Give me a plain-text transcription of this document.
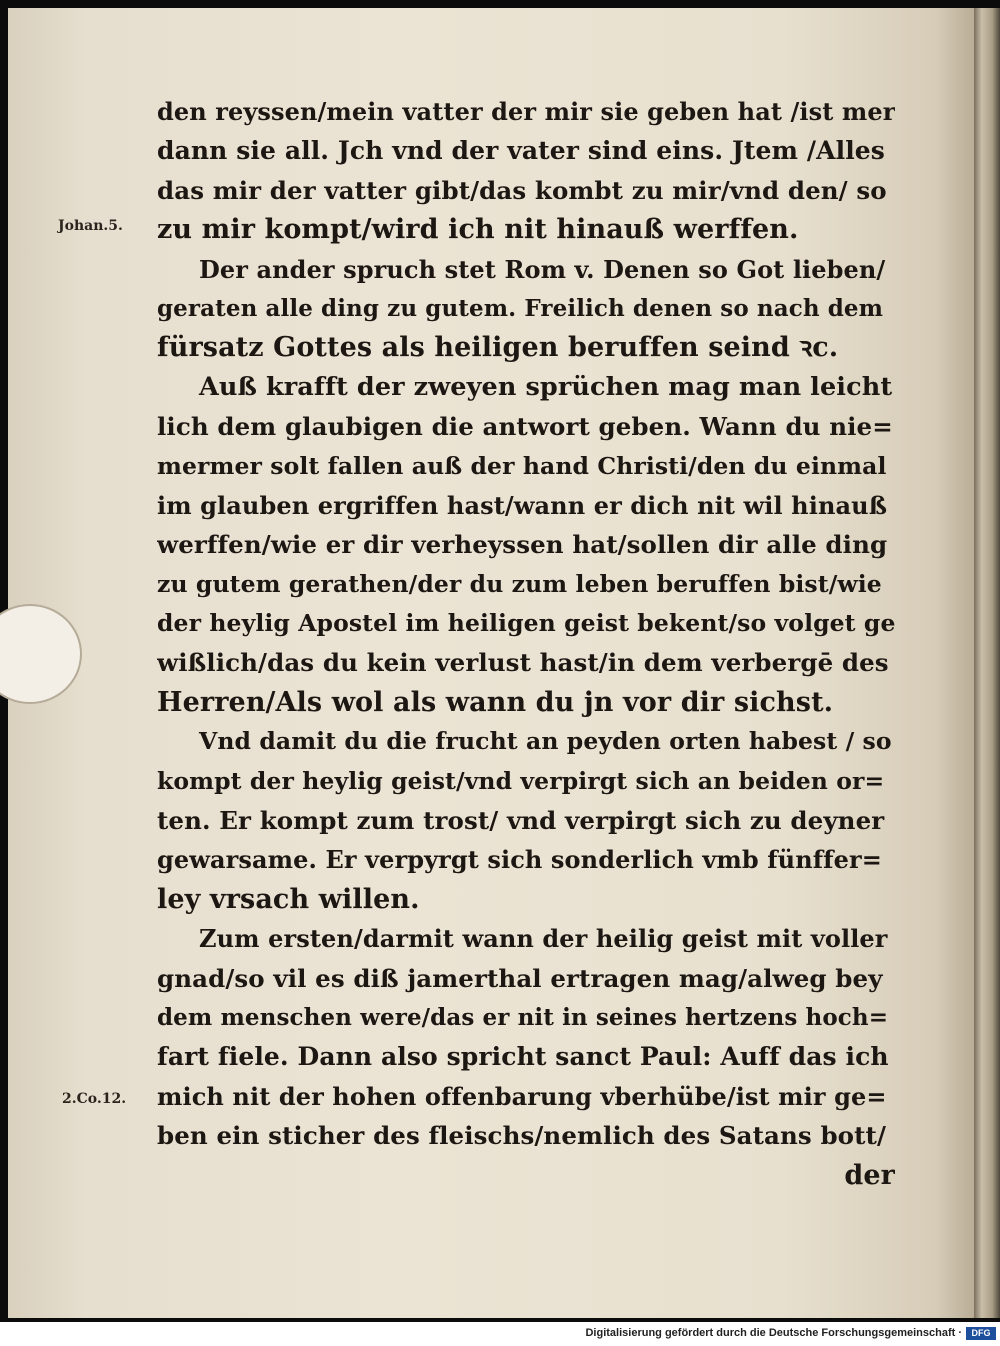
Johan.5.
2.Co.12.
den reyssen/mein vatter der mir sie geben hat /ist mer
dann sie all. Jch vnd der vater sind eins. Jtem /Alles
das mir der vatter gibt/das kombt zu mir/vnd den/ so
zu mir kompt/wird ich nit hinauß werffen.
Der ander spruch stet Rom v. Denen so Got lieben/
geraten alle ding zu gutem. Freilich denen so nach dem
fürsatz Gottes als heiligen beruffen seind ꝛc.
Auß krafft der zweyen sprüchen mag man leicht
lich dem glaubigen die antwort geben. Wann du nie=
mermer solt fallen auß der hand Christi/den du einmal
im glauben ergriffen hast/wann er dich nit wil hinauß
werffen/wie er dir verheyssen hat/sollen dir alle ding
zu gutem gerathen/der du zum leben beruffen bist/wie
der heylig Apostel im heiligen geist bekent/so volget ge
wißlich/das du kein verlust hast/in dem verbergē des
Herren/Als wol als wann du jn vor dir sichst.
Vnd damit du die frucht an peyden orten habest / so
kompt der heylig geist/vnd verpirgt sich an beiden or=
ten. Er kompt zum trost/ vnd verpirgt sich zu deyner
gewarsame. Er verpyrgt sich sonderlich vmb fünffer=
ley vrsach willen.
Zum ersten/darmit wann der heilig geist mit voller
gnad/so vil es diß jamerthal ertragen mag/alweg bey
dem menschen were/das er nit in seines hertzens hoch=
fart fiele. Dann also spricht sanct Paul: Auff das ich
mich nit der hohen offenbarung vberhübe/ist mir ge=
ben ein sticher des fleischs/nemlich des Satans bott/
der
Digitalisierung gefördert durch die Deutsche Forschungsgemeinschaft ·	DFG
